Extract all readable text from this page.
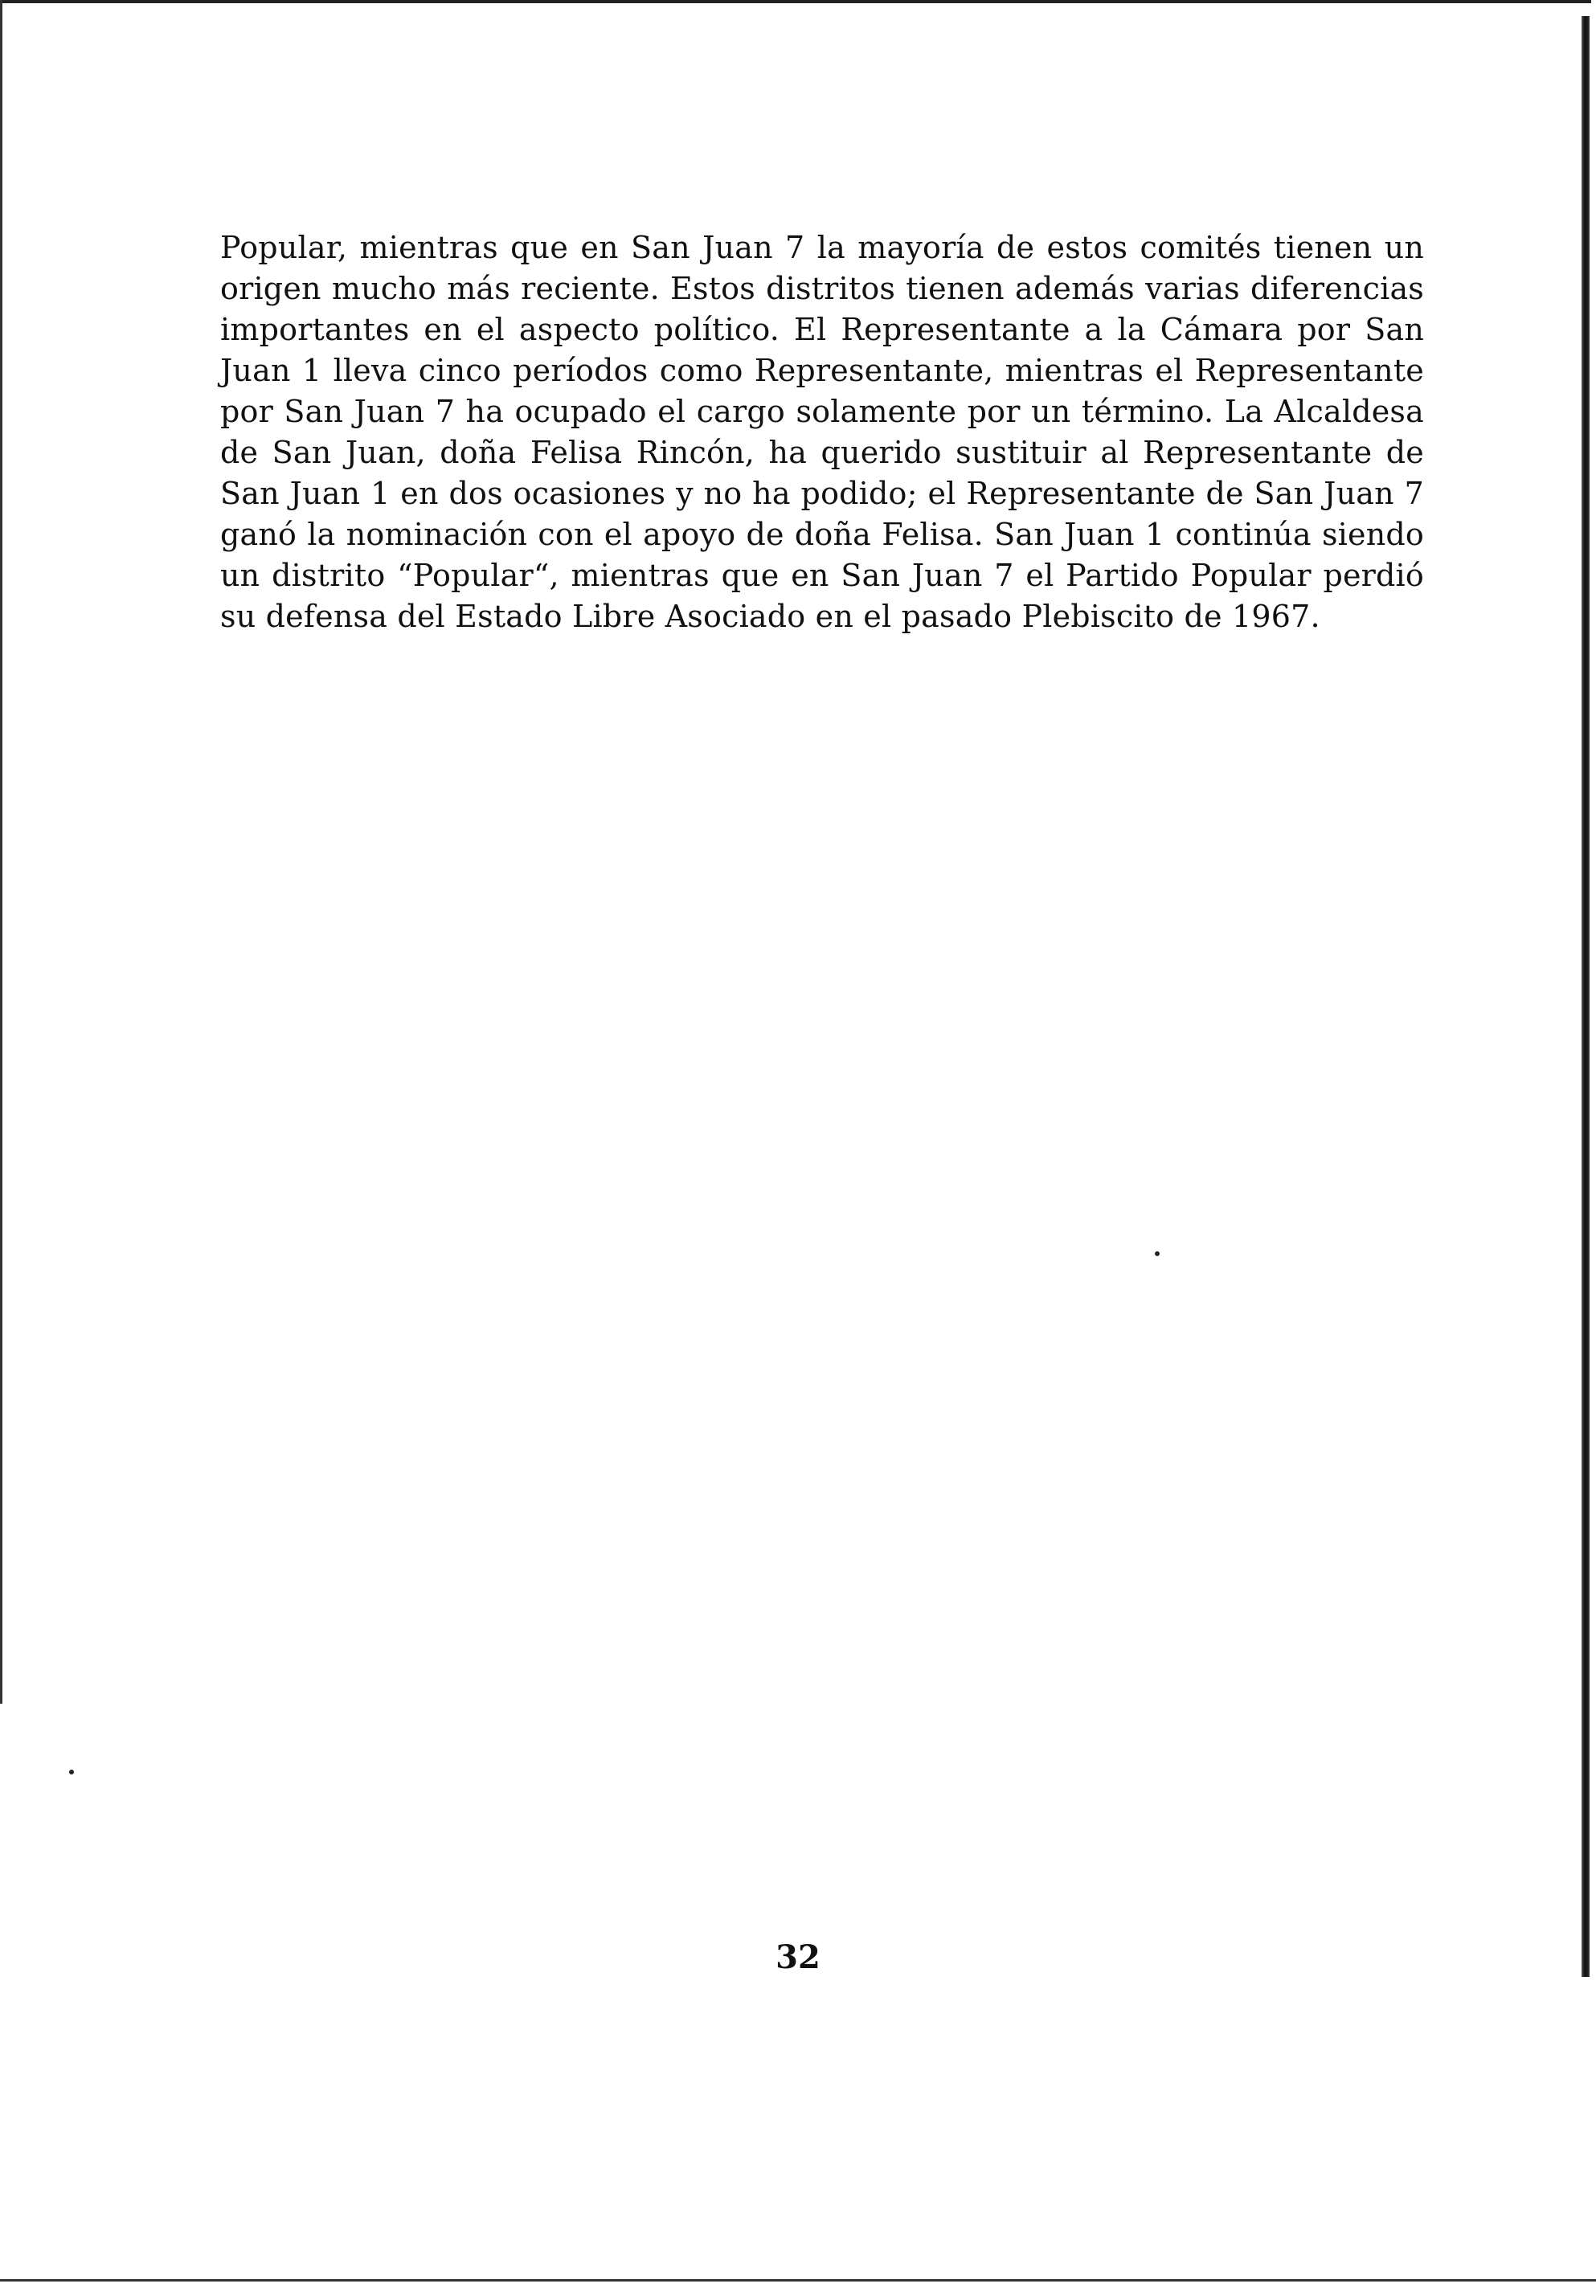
Popular, mientras que en San Juan 7 la mayoría de estos comités tienen un origen mucho más reciente. Estos distritos tienen además varias diferencias importantes en el aspecto político. El Representante a la Cámara por San Juan 1 lleva cinco períodos como Representante, mientras el Representante por San Juan 7 ha ocupado el cargo solamente por un término. La Alcaldesa de San Juan, doña Felisa Rincón, ha querido sustituir al Representante de San Juan 1 en dos ocasiones y no ha podido; el Representante de San Juan 7 ganó la nominación con el apoyo de doña Felisa. San Juan 1 continúa siendo un distrito “Popular“, mientras que en San Juan 7 el Partido Popular perdió su defensa del Estado Libre Asociado en el pasado Plebiscito de 1967.

32
